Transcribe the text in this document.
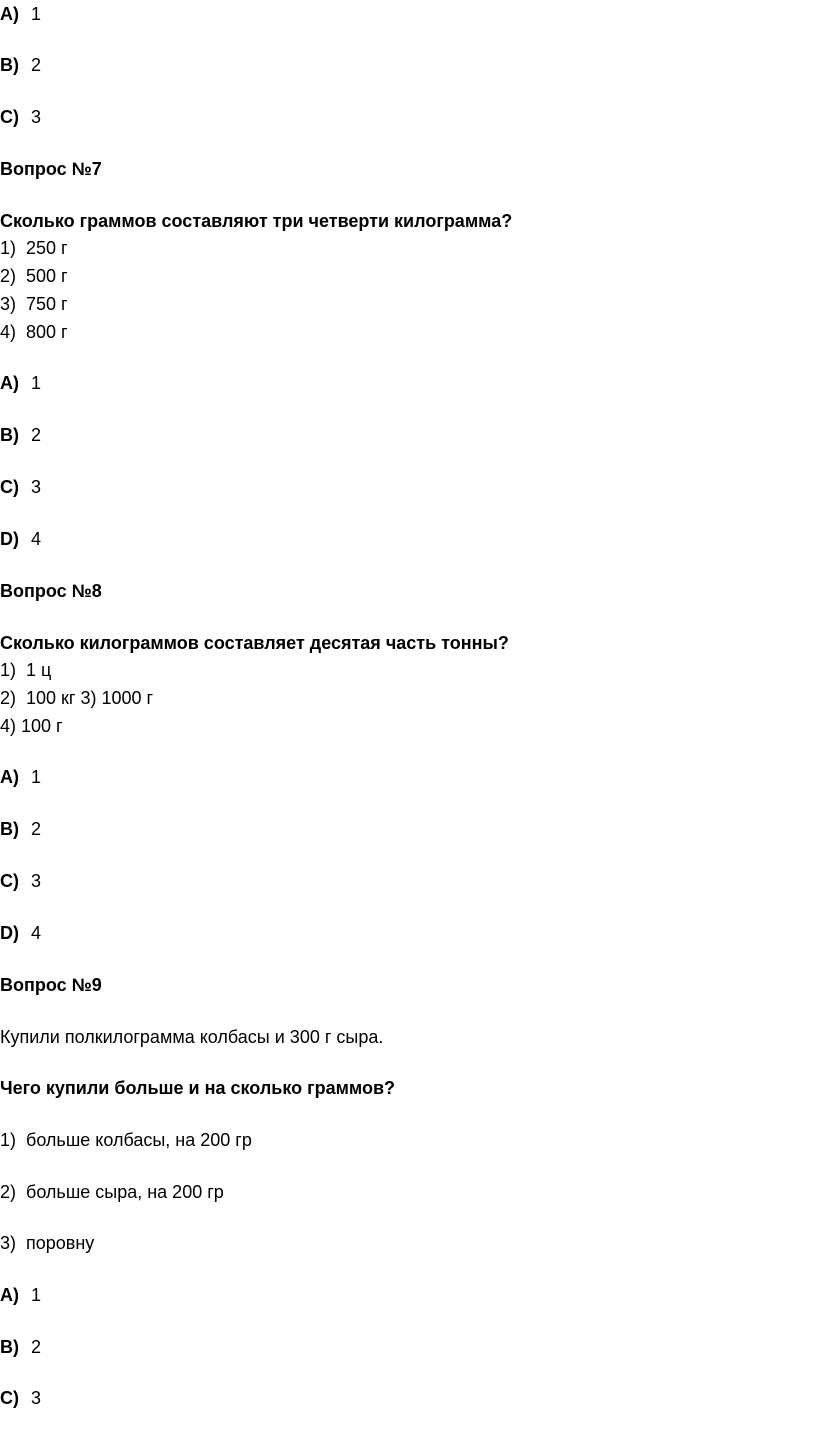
A) 1
B) 2
C) 3
Вопрос №7
Сколько граммов составляют три четверти килограмма?
1)  250 г
2)  500 г
3)  750 г
4)  800 г
A) 1
B) 2
C) 3
D) 4
Вопрос №8
Сколько килограммов составляет десятая часть тонны?
1)  1 ц
2)  100 кг 3) 1000 г
4) 100 г
A) 1
B) 2
C) 3
D) 4
Вопрос №9
Купили полкилограмма колбасы и 300 г сыра.
Чего купили больше и на сколько граммов?
1)  больше колбасы, на 200 гр
2)  больше сыра, на 200 гр
3)  поровну
A) 1
B) 2
C) 3
